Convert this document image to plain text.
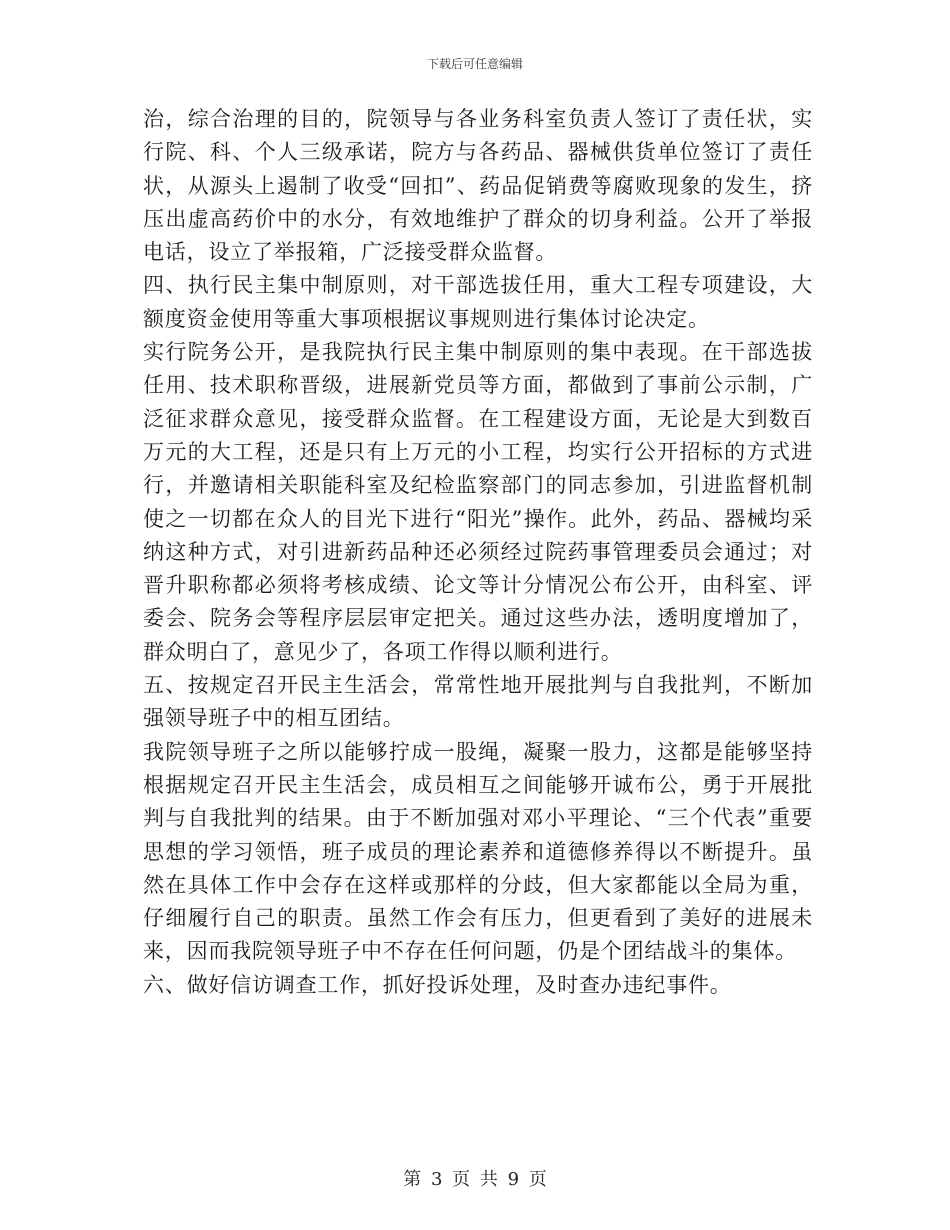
下载后可任意编辑

治，综合治理的目的，院领导与各业务科室负责人签订了责任状，实行院、科、个人三级承诺，院方与各药品、器械供货单位签订了责任状，从源头上遏制了收受“回扣”、药品促销费等腐败现象的发生，挤压出虚高药价中的水分，有效地维护了群众的切身利益。公开了举报电话，设立了举报箱，广泛接受群众监督。

四、执行民主集中制原则，对干部选拔任用，重大工程专项建设，大额度资金使用等重大事项根据议事规则进行集体讨论决定。

实行院务公开，是我院执行民主集中制原则的集中表现。在干部选拔任用、技术职称晋级，进展新党员等方面，都做到了事前公示制，广泛征求群众意见，接受群众监督。在工程建设方面，无论是大到数百万元的大工程，还是只有上万元的小工程，均实行公开招标的方式进行，并邀请相关职能科室及纪检监察部门的同志参加，引进监督机制使之一切都在众人的目光下进行“阳光”操作。此外，药品、器械均采纳这种方式，对引进新药品种还必须经过院药事管理委员会通过；对晋升职称都必须将考核成绩、论文等计分情况公布公开，由科室、评委会、院务会等程序层层审定把关。通过这些办法，透明度增加了，群众明白了，意见少了，各项工作得以顺利进行。

五、按规定召开民主生活会，常常性地开展批判与自我批判，不断加强领导班子中的相互团结。

我院领导班子之所以能够拧成一股绳，凝聚一股力，这都是能够坚持根据规定召开民主生活会，成员相互之间能够开诚布公，勇于开展批判与自我批判的结果。由于不断加强对邓小平理论、“三个代表”重要思想的学习领悟，班子成员的理论素养和道德修养得以不断提升。虽然在具体工作中会存在这样或那样的分歧，但大家都能以全局为重，仔细履行自己的职责。虽然工作会有压力，但更看到了美好的进展未来，因而我院领导班子中不存在任何问题，仍是个团结战斗的集体。

六、做好信访调查工作，抓好投诉处理，及时查办违纪事件。

第 3 页 共 9 页
